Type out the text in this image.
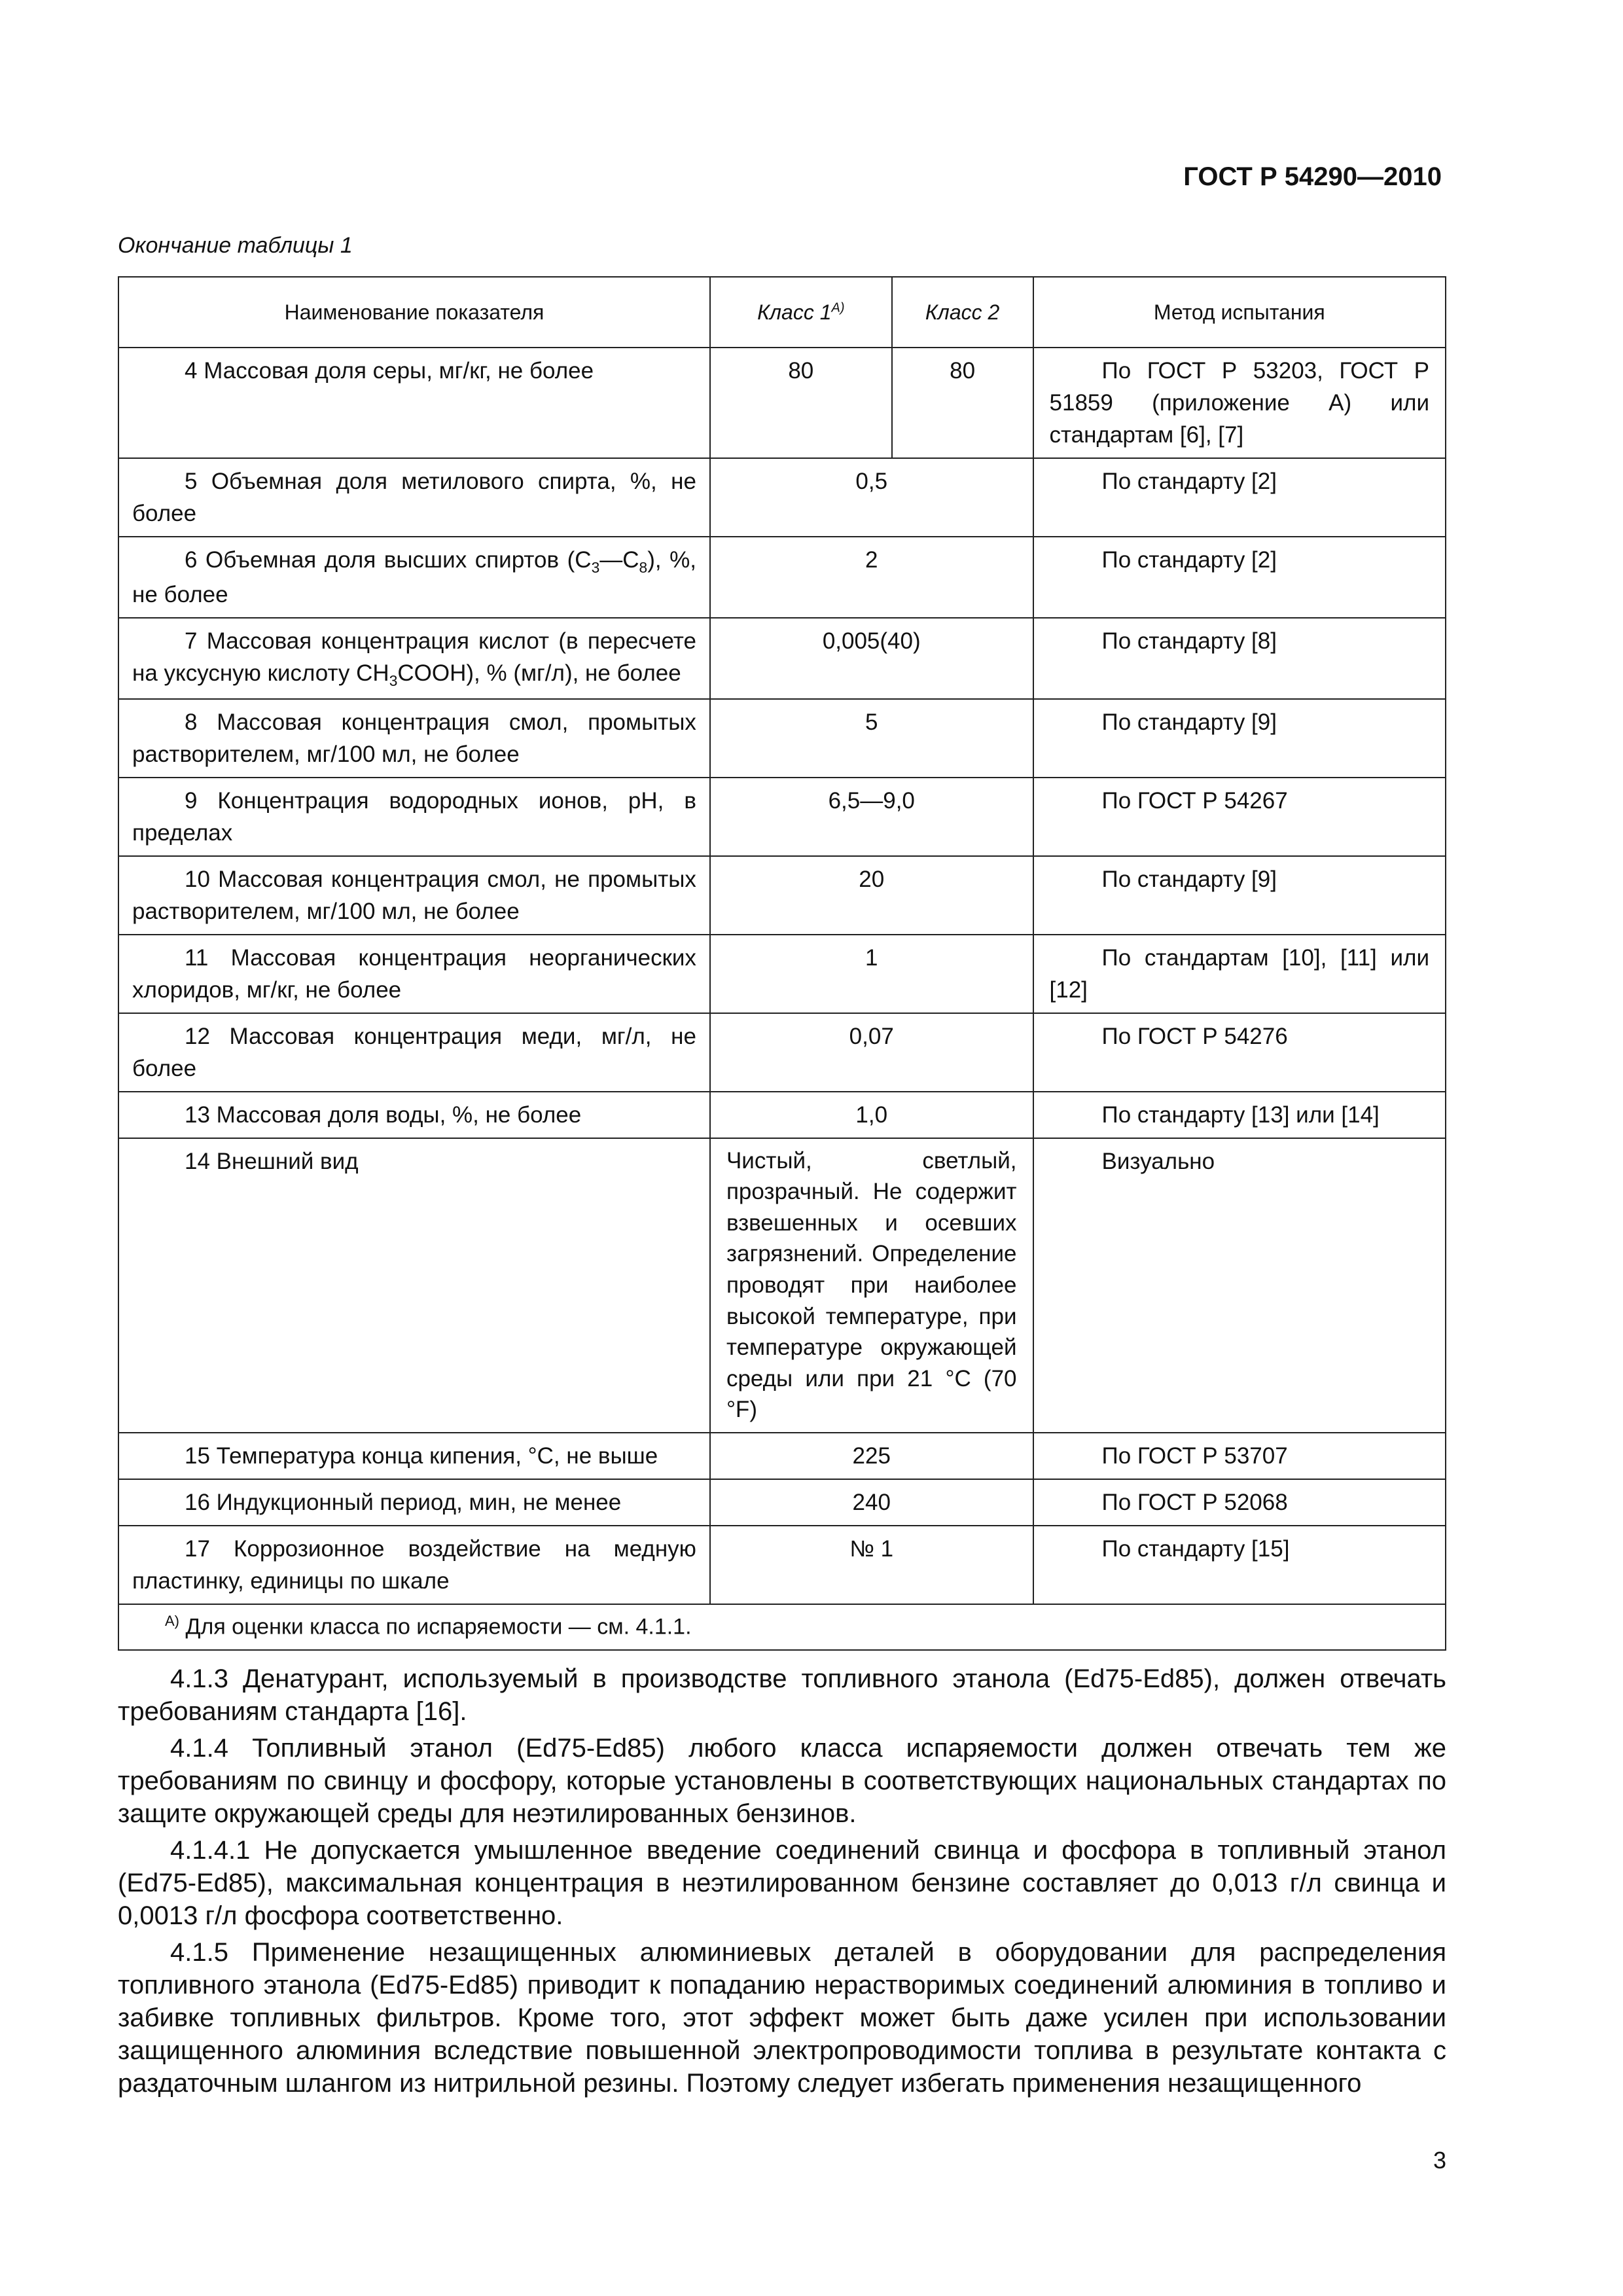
ГОСТ Р 54290—2010
Окончание таблицы 1
Наименование показателя	Класс $1^{A)}$	Класс 2	Метод испытания
4 Массовая доля серы, мг/кг, не более	80	80	По ГОСТ Р 53203, ГОСТ Р 51859 (приложение А) или стандартам [6], [7]
5 Объемная доля метилового спирта, %, не более	0,5		По стандарту [2]
6 Объемная доля высших спиртов $(C_3—C_8)$, %, не более	2		По стандарту [2]
7 Массовая концентрация кислот (в пересчете на уксусную кислоту $CH_3COOH$), % (мг/л), не более	0,005(40)		По стандарту [8]
8 Массовая концентрация смол, промытых растворителем, мг/100 мл, не более	5		По стандарту [9]
9 Концентрация водородных ионов, pH, в пределах	6,5—9,0		По ГОСТ Р 54267
10 Массовая концентрация смол, не промытых растворителем, мг/100 мл, не более	20		По стандарту [9]
11 Массовая концентрация неорганических хлоридов, мг/кг, не более	1		По стандартам [10], [11] или [12]
12 Массовая концентрация меди, мг/л, не более	0,07		По ГОСТ Р 54276
13 Массовая доля воды, %, не более	1,0		По стандарту [13] или [14]
14 Внешний вид	Чистый, светлый, прозрачный. Не содержит взвешенных и осевших загрязнений. Определение проводят при наиболее высокой температуре, при температуре окружающей среды или при 21 °C (70 °F)		Визуально
15 Температура конца кипения, °C, не выше	225		По ГОСТ Р 53707
16 Индукционный период, мин, не менее	240		По ГОСТ Р 52068
17 Коррозионное воздействие на медную пластинку, единицы по шкале	№ 1		По стандарту [15]
$^{A)}$ Для оценки класса по испаряемости — см. 4.1.1.			

4.1.3 Денатурант, используемый в производстве топливного этанола (Ed75-Ed85), должен отвечать требованиям стандарта [16].

4.1.4 Топливный этанол (Ed75-Ed85) любого класса испаряемости должен отвечать тем же требованиям по свинцу и фосфору, которые установлены в соответствующих национальных стандартах по защите окружающей среды для неэтилированных бензинов.

4.1.4.1 Не допускается умышленное введение соединений свинца и фосфора в топливный этанол (Ed75-Ed85), максимальная концентрация в неэтилированном бензине составляет до 0,013 г/л свинца и 0,0013 г/л фосфора соответственно.

4.1.5 Применение незащищенных алюминиевых деталей в оборудовании для распределения топливного этанола (Ed75-Ed85) приводит к попаданию нерастворимых соединений алюминия в топливо и забивке топливных фильтров. Кроме того, этот эффект может быть даже усилен при использовании защищенного алюминия вследствие повышенной электропроводимости топлива в результате контакта с раздаточным шлангом из нитрильной резины. Поэтому следует избегать применения незащищенного

3
